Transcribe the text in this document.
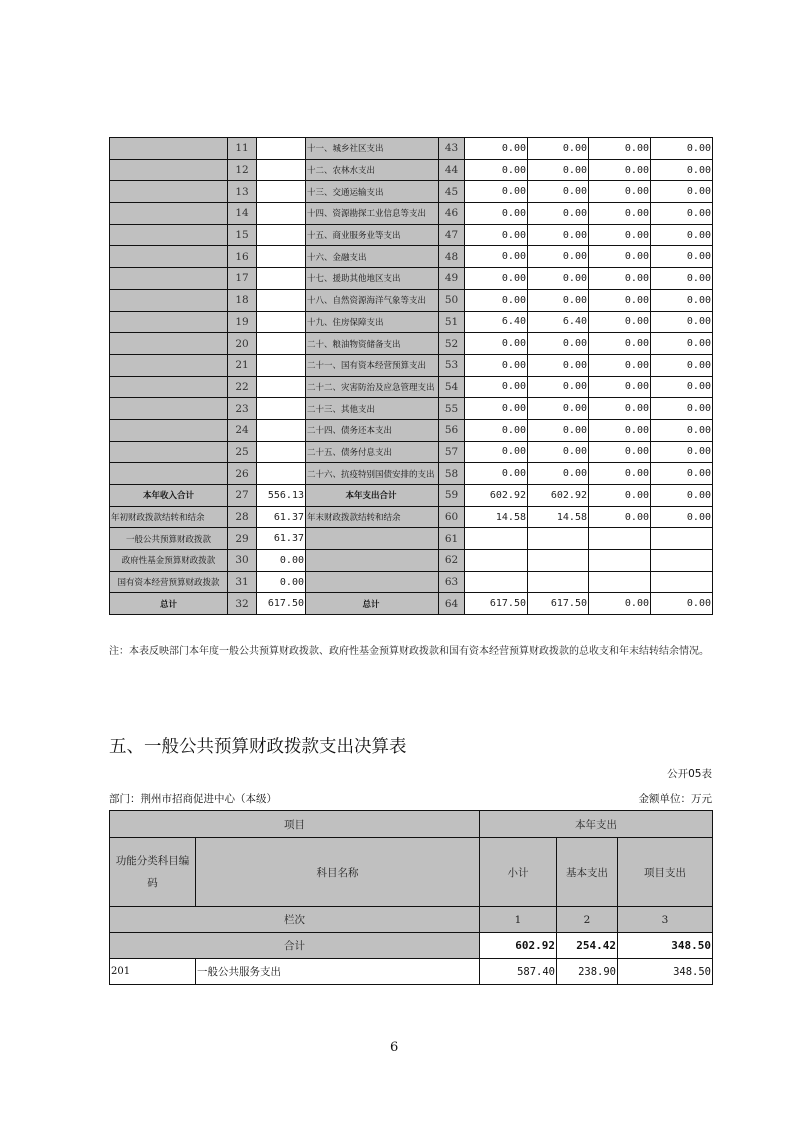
	11		十一、城乡社区支出	43	0.00	0.00	0.00	0.00
	12		十二、农林水支出	44	0.00	0.00	0.00	0.00
	13		十三、交通运输支出	45	0.00	0.00	0.00	0.00
	14		十四、资源勘探工业信息等支出	46	0.00	0.00	0.00	0.00
	15		十五、商业服务业等支出	47	0.00	0.00	0.00	0.00
	16		十六、金融支出	48	0.00	0.00	0.00	0.00
	17		十七、援助其他地区支出	49	0.00	0.00	0.00	0.00
	18		十八、自然资源海洋气象等支出	50	0.00	0.00	0.00	0.00
	19		十九、住房保障支出	51	6.40	6.40	0.00	0.00
	20		二十、粮油物资储备支出	52	0.00	0.00	0.00	0.00
	21		二十一、国有资本经营预算支出	53	0.00	0.00	0.00	0.00
	22		二十二、灾害防治及应急管理支出	54	0.00	0.00	0.00	0.00
	23		二十三、其他支出	55	0.00	0.00	0.00	0.00
	24		二十四、债务还本支出	56	0.00	0.00	0.00	0.00
	25		二十五、债务付息支出	57	0.00	0.00	0.00	0.00
	26		二十六、抗疫特别国债安排的支出	58	0.00	0.00	0.00	0.00
本年收入合计	27	556.13	本年支出合计	59	602.92	602.92	0.00	0.00
年初财政拨款结转和结余	28	61.37	年末财政拨款结转和结余	60	14.58	14.58	0.00	0.00
一般公共预算财政拨款	29	61.37		61				
政府性基金预算财政拨款	30	0.00		62				
国有资本经营预算财政拨款	31	0.00		63				
总计	32	617.50	总计	64	617.50	617.50	0.00	0.00
注：本表反映部门本年度一般公共预算财政拨款、政府性基金预算财政拨款和国有资本经营预算财政拨款的总收支和年末结转结余情况。
五、一般公共预算财政拨款支出决算表
公开05表
部门：荆州市招商促进中心（本级）	金额单位：万元
项目		本年支出		
功能分类科目编码	科目名称	小计	基本支出	项目支出
栏次		1	2	3
合计		602.92	254.42	348.50
201	一般公共服务支出	587.40	238.90	348.50
6
